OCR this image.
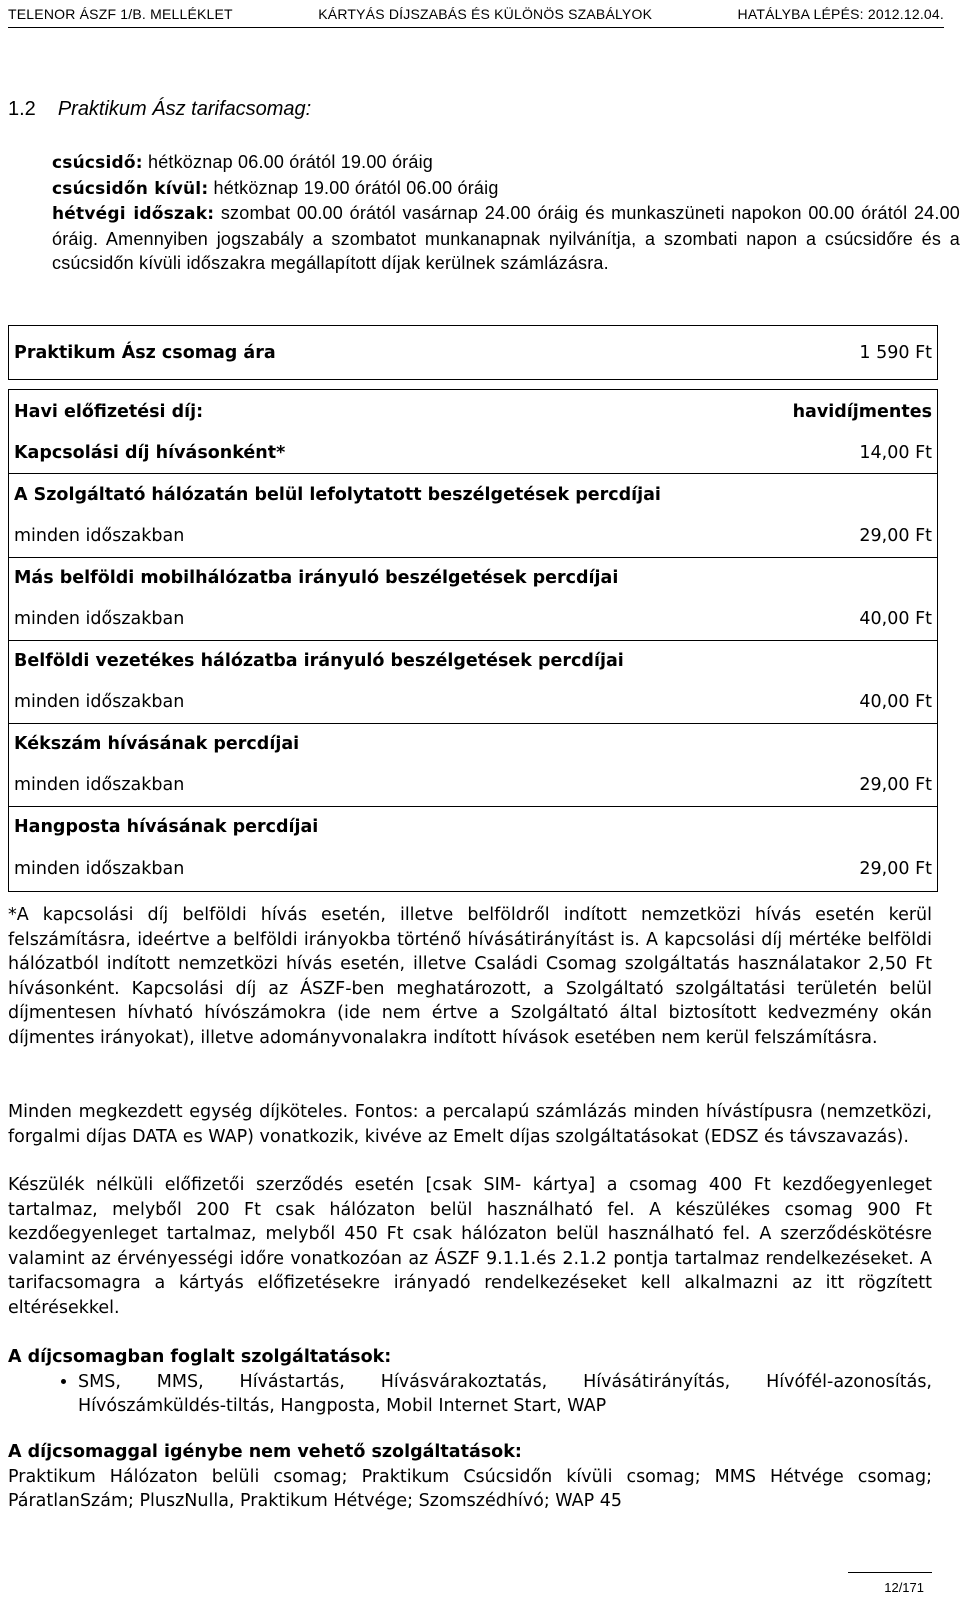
TELENOR ÁSZF 1/B. MELLÉKLET	KÁRTYÁS DÍJSZABÁS ÉS KÜLÖNÖS SZABÁLYOK	HATÁLYBA LÉPÉS: 2012.12.04.
1.2 Praktikum Ász tarifacsomag:
csúcsidő: hétköznap 06.00 órától 19.00 óráig
csúcsidőn kívül: hétköznap 19.00 órától 06.00 óráig
hétvégi időszak: szombat 00.00 órától vasárnap 24.00 óráig és munkaszüneti napokon 00.00 órától 24.00 óráig. Amennyiben jogszabály a szombatot munkanapnak nyilvánítja, a szombati napon a csúcsidőre és a csúcsidőn kívüli időszakra megállapított díjak kerülnek számlázásra.
Praktikum Ász csomag ára	1 590 Ft

Havi előfizetési díj:	havidíjmentes
Kapcsolási díj hívásonként*	14,00 Ft
A Szolgáltató hálózatán belül lefolytatott beszélgetések percdíjai	
minden időszakban	29,00 Ft
Más belföldi mobilhálózatba irányuló beszélgetések percdíjai	
minden időszakban	40,00 Ft
Belföldi vezetékes hálózatba irányuló beszélgetések percdíjai	
minden időszakban	40,00 Ft
Kékszám hívásának percdíjai	
minden időszakban	29,00 Ft
Hangposta hívásának percdíjai	
minden időszakban	29,00 Ft
*A kapcsolási díj belföldi hívás esetén, illetve belföldről indított nemzetközi hívás esetén kerül felszámításra, ideértve a belföldi irányokba történő hívásátirányítást is. A kapcsolási díj mértéke belföldi hálózatból indított nemzetközi hívás esetén, illetve Családi Csomag szolgáltatás használatakor 2,50 Ft hívásonként. Kapcsolási díj az ÁSZF-ben meghatározott, a Szolgáltató szolgáltatási területén belül díjmentesen hívható hívószámokra (ide nem értve a Szolgáltató által biztosított kedvezmény okán díjmentes irányokat), illetve adományvonalakra indított hívások esetében nem kerül felszámításra.
Minden megkezdett egység díjköteles. Fontos: a percalapú számlázás minden hívástípusra (nemzetközi, forgalmi díjas DATA es WAP) vonatkozik, kivéve az Emelt díjas szolgáltatásokat (EDSZ és távszavazás).
Készülék nélküli előfizetői szerződés esetén [csak SIM- kártya] a csomag 400 Ft kezdőegyenleget tartalmaz, melyből 200 Ft csak hálózaton belül használható fel. A készülékes csomag 900 Ft kezdőegyenleget tartalmaz, melyből 450 Ft csak hálózaton belül használható fel. A szerződéskötésre valamint az érvényességi időre vonatkozóan az ÁSZF 9.1.1.és 2.1.2 pontja tartalmaz rendelkezéseket. A tarifacsomagra a kártyás előfizetésekre irányadó rendelkezéseket kell alkalmazni az itt rögzített eltérésekkel.
A díjcsomagban foglalt szolgáltatások:
• SMS, MMS, Hívástartás, Hívásvárakoztatás, Hívásátirányítás, Hívófél-azonosítás, Hívószámküldés-tiltás, Hangposta, Mobil Internet Start, WAP
A díjcsomaggal igénybe nem vehető szolgáltatások:
Praktikum Hálózaton belüli csomag; Praktikum Csúcsidőn kívüli csomag; MMS Hétvége csomag; PáratlanSzám; PluszNulla, Praktikum Hétvége; Szomszédhívó; WAP 45
12/171
